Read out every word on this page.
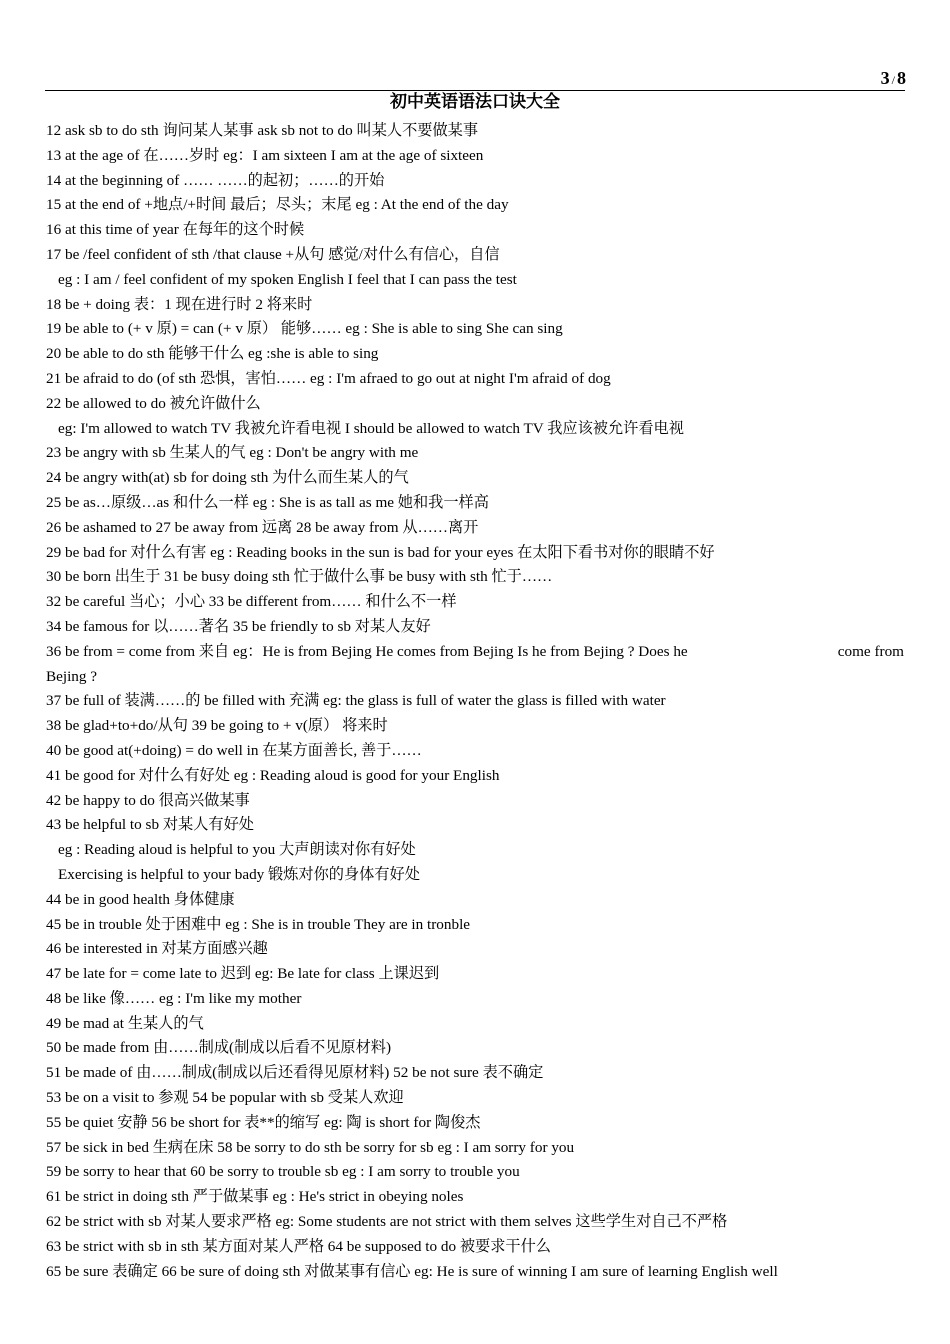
3 / 8
初中英语语法口诀大全
12 ask sb to do sth 询问某人某事 ask sb not to do 叫某人不要做某事
13 at the age of 在……岁时 eg：I am sixteen I am at the age of sixteen
14 at the beginning of …… ……的起初；……的开始
15 at the end of +地点/+时间 最后；尽头；末尾 eg : At the end of the day
16 at this time of year 在每年的这个时候
17 be /feel confident of sth /that clause +从句 感觉/对什么有信心，自信
eg : I am / feel confident of my spoken English I feel that I can pass the test
18 be + doing 表：1 现在进行时 2 将来时
19 be able to (+ v 原) = can (+ v 原） 能够…… eg : She is able to sing She can sing
20 be able to do sth 能够干什么 eg :she is able to sing
21 be afraid to do (of sth 恐惧，害怕…… eg : I'm afraed to go out at night I'm afraid of dog
22 be allowed to do 被允许做什么
eg: I'm allowed to watch TV 我被允许看电视 I should be allowed to watch TV 我应该被允许看电视
23 be angry with sb 生某人的气 eg : Don't be angry with me
24 be angry with(at) sb for doing sth 为什么而生某人的气
25 be as…原级…as 和什么一样 eg : She is as tall as me 她和我一样高
26 be ashamed to 27 be away from 远离 28 be away from 从……离开
29 be bad for 对什么有害 eg : Reading books in the sun is bad for your eyes 在太阳下看书对你的眼睛不好
30 be born 出生于 31 be busy doing sth 忙于做什么事 be busy with sth 忙于……
32 be careful 当心；小心 33 be different from…… 和什么不一样
34 be famous for 以……著名 35 be friendly to sb 对某人友好
36 be from = come from 来自 eg：He is from Bejing He comes from Bejing Is he from Bejing ? Does he	come from
Bejing ?
37 be full of 装满……的 be filled with 充满 eg: the glass is full of water the glass is filled with water
38 be glad+to+do/从句 39 be going to + v(原） 将来时
40 be good at(+doing) = do well in 在某方面善长, 善于……
41 be good for 对什么有好处 eg : Reading aloud is good for your English
42 be happy to do 很高兴做某事
43 be helpful to sb 对某人有好处
eg : Reading aloud is helpful to you 大声朗读对你有好处
Exercising is helpful to your bady 锻炼对你的身体有好处
44 be in good health 身体健康
45 be in trouble 处于困难中 eg : She is in trouble They are in tronble
46 be interested in 对某方面感兴趣
47 be late for = come late to 迟到 eg: Be late for class 上课迟到
48 be like 像…… eg : I'm like my mother
49 be mad at 生某人的气
50 be made from 由……制成(制成以后看不见原材料)
51 be made of 由……制成(制成以后还看得见原材料) 52 be not sure 表不确定
53 be on a visit to 参观 54 be popular with sb 受某人欢迎
55 be quiet 安静 56 be short for 表**的缩写 eg: 陶 is short for 陶俊杰
57 be sick in bed 生病在床 58 be sorry to do sth be sorry for sb eg : I am sorry for you
59 be sorry to hear that 60 be sorry to trouble sb eg : I am sorry to trouble you
61 be strict in doing sth 严于做某事 eg : He's strict in obeying noles
62 be strict with sb 对某人要求严格 eg: Some students are not strict with them selves 这些学生对自己不严格
63 be strict with sb in sth 某方面对某人严格 64 be supposed to do 被要求干什么
65 be sure 表确定 66 be sure of doing sth 对做某事有信心 eg: He is sure of winning I am sure of learning English well
